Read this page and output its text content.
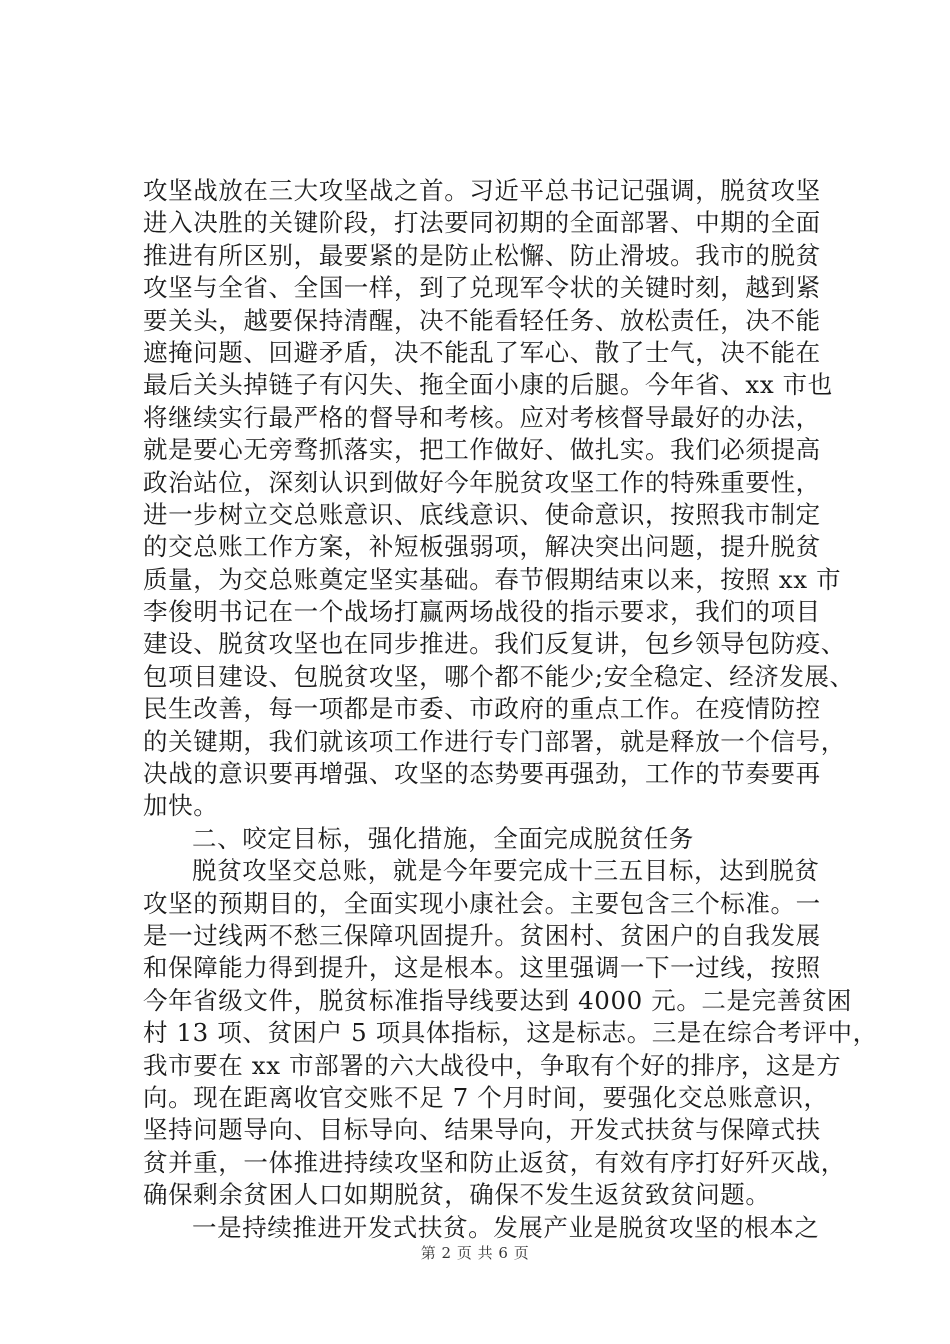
攻坚战放在三大攻坚战之首。习近平总书记记强调，脱贫攻坚
进入决胜的关键阶段，打法要同初期的全面部署、中期的全面
推进有所区别，最要紧的是防止松懈、防止滑坡。我市的脱贫
攻坚与全省、全国一样，到了兑现军令状的关键时刻，越到紧
要关头，越要保持清醒，决不能看轻任务、放松责任，决不能
遮掩问题、回避矛盾，决不能乱了军心、散了士气，决不能在
最后关头掉链子有闪失、拖全面小康的后腿。今年省、xx 市也
将继续实行最严格的督导和考核。应对考核督导最好的办法，
就是要心无旁骛抓落实，把工作做好、做扎实。我们必须提高
政治站位，深刻认识到做好今年脱贫攻坚工作的特殊重要性，
进一步树立交总账意识、底线意识、使命意识，按照我市制定
的交总账工作方案，补短板强弱项，解决突出问题，提升脱贫
质量，为交总账奠定坚实基础。春节假期结束以来，按照 xx 市
李俊明书记在一个战场打赢两场战役的指示要求，我们的项目
建设、脱贫攻坚也在同步推进。我们反复讲，包乡领导包防疫、
包项目建设、包脱贫攻坚，哪个都不能少;安全稳定、经济发展、
民生改善，每一项都是市委、市政府的重点工作。在疫情防控
的关键期，我们就该项工作进行专门部署，就是释放一个信号，
决战的意识要再增强、攻坚的态势要再强劲，工作的节奏要再
加快。
二、咬定目标，强化措施，全面完成脱贫任务
脱贫攻坚交总账，就是今年要完成十三五目标，达到脱贫
攻坚的预期目的，全面实现小康社会。主要包含三个标准。一
是一过线两不愁三保障巩固提升。贫困村、贫困户的自我发展
和保障能力得到提升，这是根本。这里强调一下一过线，按照
今年省级文件，脱贫标准指导线要达到 4000 元。二是完善贫困
村 13 项、贫困户 5 项具体指标，这是标志。三是在综合考评中，
我市要在 xx 市部署的六大战役中，争取有个好的排序，这是方
向。现在距离收官交账不足 7 个月时间，要强化交总账意识，
坚持问题导向、目标导向、结果导向，开发式扶贫与保障式扶
贫并重，一体推进持续攻坚和防止返贫，有效有序打好歼灭战，
确保剩余贫困人口如期脱贫，确保不发生返贫致贫问题。
一是持续推进开发式扶贫。发展产业是脱贫攻坚的根本之
第 2 页 共 6 页
